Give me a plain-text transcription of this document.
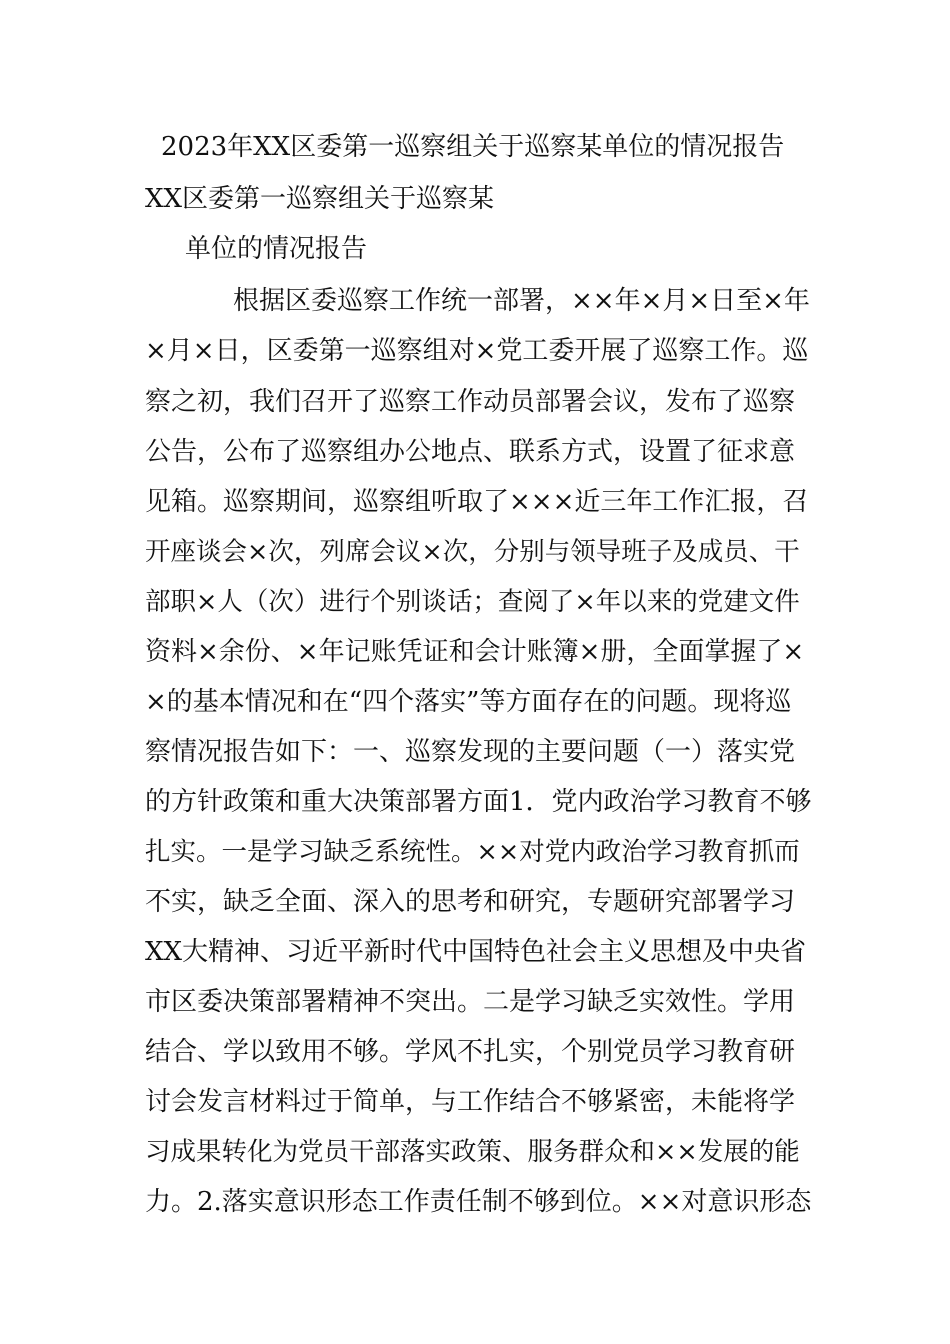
2023年XX区委第一巡察组关于巡察某单位的情况报告
XX区委第一巡察组关于巡察某
单位的情况报告
根据区委巡察工作统一部署，××年×月×日至×年
×月×日，区委第一巡察组对×党工委开展了巡察工作。巡
察之初，我们召开了巡察工作动员部署会议，发布了巡察
公告，公布了巡察组办公地点、联系方式，设置了征求意
见箱。巡察期间，巡察组听取了×××近三年工作汇报，召
开座谈会×次，列席会议×次，分别与领导班子及成员、干
部职×人（次）进行个别谈话；查阅了×年以来的党建文件
资料×余份、×年记账凭证和会计账簿×册，全面掌握了×
×的基本情况和在“四个落实”等方面存在的问题。现将巡
察情况报告如下：一、巡察发现的主要问题（一）落实党
的方针政策和重大决策部署方面1．党内政治学习教育不够
扎实。一是学习缺乏系统性。××对党内政治学习教育抓而
不实，缺乏全面、深入的思考和研究，专题研究部署学习
XX大精神、习近平新时代中国特色社会主义思想及中央省
市区委决策部署精神不突出。二是学习缺乏实效性。学用
结合、学以致用不够。学风不扎实，个别党员学习教育研
讨会发言材料过于简单，与工作结合不够紧密，未能将学
习成果转化为党员干部落实政策、服务群众和××发展的能
力。2.落实意识形态工作责任制不够到位。××对意识形态
